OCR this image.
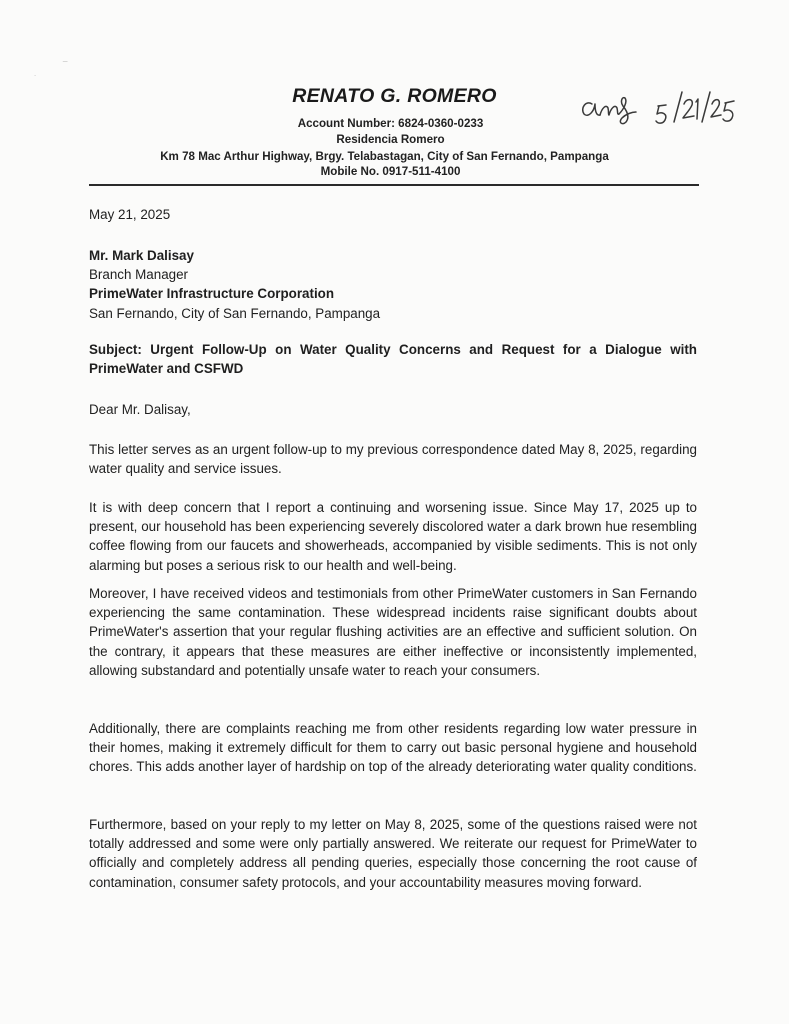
⁻
˙
RENATO G. ROMERO
Account Number: 6824-0360-0233
Residencia Romero
Km 78 Mac Arthur Highway, Brgy. Telabastagan, City of San Fernando, Pampanga
Mobile No. 0917-511-4100
May 21, 2025
Mr. Mark Dalisay
Branch Manager
PrimeWater Infrastructure Corporation
San Fernando, City of San Fernando, Pampanga
Subject: Urgent Follow-Up on Water Quality Concerns and Request for a Dialogue with PrimeWater and CSFWD
Dear Mr. Dalisay,
This letter serves as an urgent follow-up to my previous correspondence dated May 8, 2025, regarding water quality and service issues.
It is with deep concern that I report a continuing and worsening issue. Since May 17, 2025 up to present, our household has been experiencing severely discolored water a dark brown hue resembling coffee flowing from our faucets and showerheads, accompanied by visible sediments. This is not only alarming but poses a serious risk to our health and well-being.
Moreover, I have received videos and testimonials from other PrimeWater customers in San Fernando experiencing the same contamination. These widespread incidents raise significant doubts about PrimeWater's assertion that your regular flushing activities are an effective and sufficient solution. On the contrary, it appears that these measures are either ineffective or inconsistently implemented, allowing substandard and potentially unsafe water to reach your consumers.
Additionally, there are complaints reaching me from other residents regarding low water pressure in their homes, making it extremely difficult for them to carry out basic personal hygiene and household chores. This adds another layer of hardship on top of the already deteriorating water quality conditions.
Furthermore, based on your reply to my letter on May 8, 2025, some of the questions raised were not totally addressed and some were only partially answered. We reiterate our request for PrimeWater to officially and completely address all pending queries, especially those concerning the root cause of contamination, consumer safety protocols, and your accountability measures moving forward.
